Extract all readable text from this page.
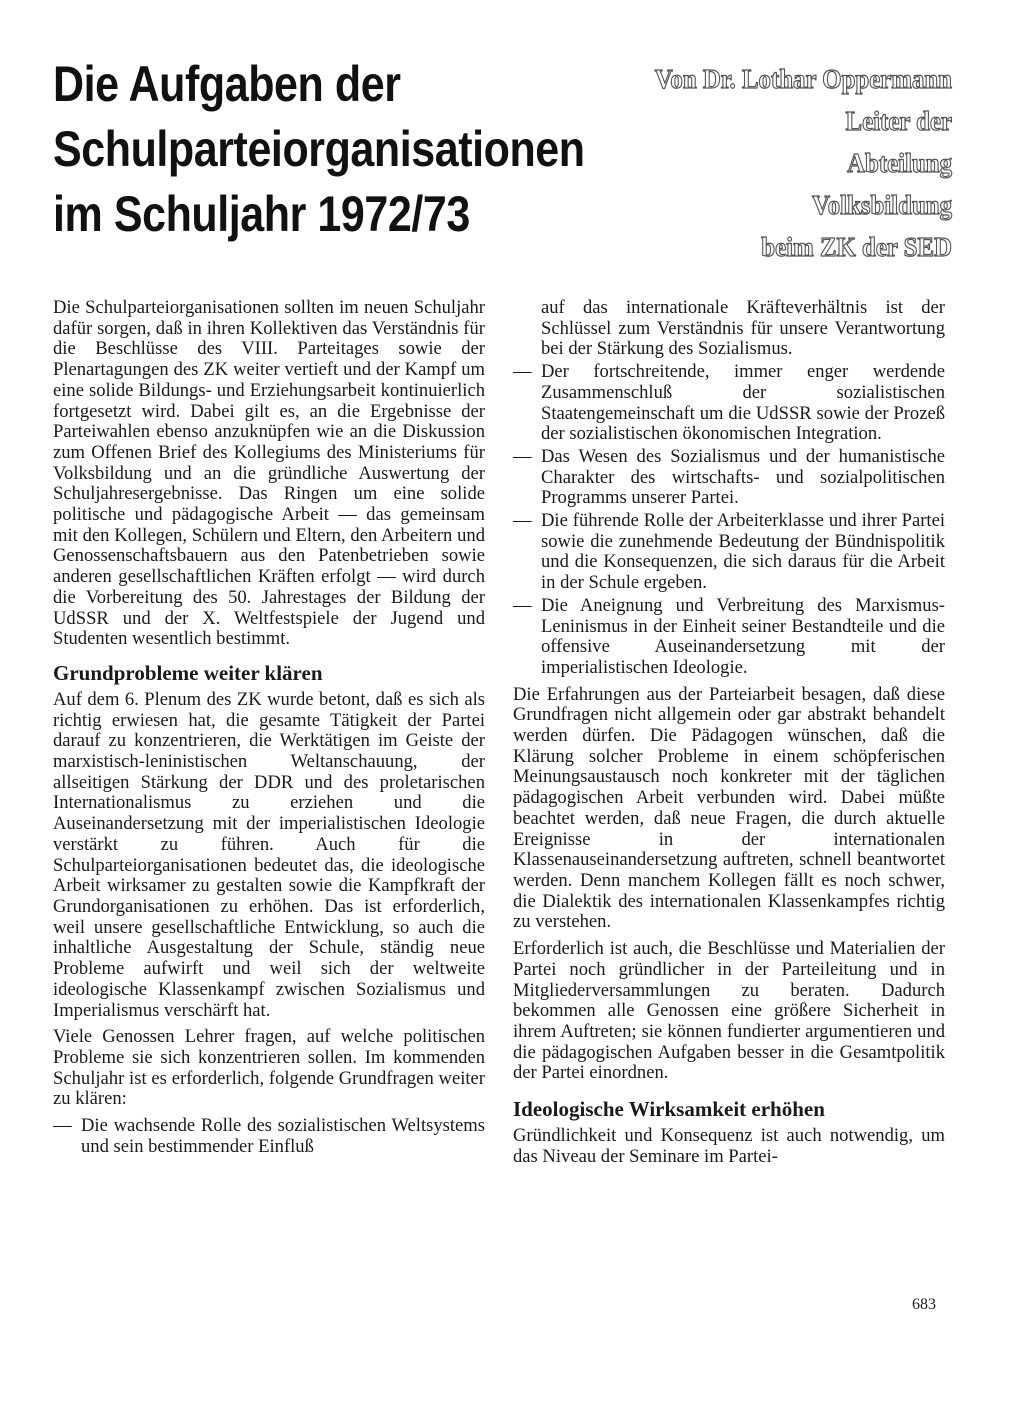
Die Aufgaben der
Schulparteiorganisationen
im Schuljahr 1972/73
Von Dr. Lothar Oppermann
Leiter der
Abteilung
Volksbildung
beim ZK der SED

Die Schulparteiorganisationen sollten im neuen Schuljahr dafür sorgen, daß in ihren Kollektiven das Verständnis für die Beschlüsse des VIII. Parteitages sowie der Plenartagungen des ZK weiter vertieft und der Kampf um eine solide Bildungs- und Erziehungsarbeit kontinuierlich fortgesetzt wird. Dabei gilt es, an die Ergebnisse der Parteiwahlen ebenso anzuknüpfen wie an die Diskussion zum Offenen Brief des Kollegiums des Ministeriums für Volksbildung und an die gründliche Auswertung der Schuljahresergebnisse. Das Ringen um eine solide politische und pädagogische Arbeit — das gemeinsam mit den Kollegen, Schülern und Eltern, den Arbeitern und Genossenschaftsbauern aus den Patenbetrieben sowie anderen gesellschaftlichen Kräften erfolgt — wird durch die Vorbereitung des 50. Jahrestages der Bildung der UdSSR und der X. Weltfestspiele der Jugend und Studenten wesentlich bestimmt.

Grundprobleme weiter klären

Auf dem 6. Plenum des ZK wurde betont, daß es sich als richtig erwiesen hat, die gesamte Tätigkeit der Partei darauf zu konzentrieren, die Werktätigen im Geiste der marxistisch-leninistischen Weltanschauung, der allseitigen Stärkung der DDR und des proletarischen Internationalismus zu erziehen und die Auseinandersetzung mit der imperialistischen Ideologie verstärkt zu führen. Auch für die Schulparteiorganisationen bedeutet das, die ideologische Arbeit wirksamer zu gestalten sowie die Kampfkraft der Grundorganisationen zu erhöhen. Das ist erforderlich, weil unsere gesellschaftliche Entwicklung, so auch die inhaltliche Ausgestaltung der Schule, ständig neue Probleme aufwirft und weil sich der weltweite ideologische Klassenkampf zwischen Sozialismus und Imperialismus verschärft hat.

Viele Genossen Lehrer fragen, auf welche politischen Probleme sie sich konzentrieren sollen. Im kommenden Schuljahr ist es erforderlich, folgende Grundfragen weiter zu klären:

— Die wachsende Rolle des sozialistischen Weltsystems und sein bestimmender Einfluß
auf das internationale Kräfteverhältnis ist der Schlüssel zum Verständnis für unsere Verantwortung bei der Stärkung des Sozialismus.
— Der fortschreitende, immer enger werdende Zusammenschluß der sozialistischen Staatengemeinschaft um die UdSSR sowie der Prozeß der sozialistischen ökonomischen Integration.
— Das Wesen des Sozialismus und der humanistische Charakter des wirtschafts- und sozialpolitischen Programms unserer Partei.
— Die führende Rolle der Arbeiterklasse und ihrer Partei sowie die zunehmende Bedeutung der Bündnispolitik und die Konsequenzen, die sich daraus für die Arbeit in der Schule ergeben.
— Die Aneignung und Verbreitung des Marxismus-Leninismus in der Einheit seiner Bestandteile und die offensive Auseinandersetzung mit der imperialistischen Ideologie.

Die Erfahrungen aus der Parteiarbeit besagen, daß diese Grundfragen nicht allgemein oder gar abstrakt behandelt werden dürfen. Die Pädagogen wünschen, daß die Klärung solcher Probleme in einem schöpferischen Meinungsaustausch noch konkreter mit der täglichen pädagogischen Arbeit verbunden wird. Dabei müßte beachtet werden, daß neue Fragen, die durch aktuelle Ereignisse in der internationalen Klassenauseinandersetzung auftreten, schnell beantwortet werden. Denn manchem Kollegen fällt es noch schwer, die Dialektik des internationalen Klassenkampfes richtig zu verstehen.

Erforderlich ist auch, die Beschlüsse und Materialien der Partei noch gründlicher in der Parteileitung und in Mitgliederversammlungen zu beraten. Dadurch bekommen alle Genossen eine größere Sicherheit in ihrem Auftreten; sie können fundierter argumentieren und die pädagogischen Aufgaben besser in die Gesamtpolitik der Partei einordnen.

Ideologische Wirksamkeit erhöhen

Gründlichkeit und Konsequenz ist auch notwendig, um das Niveau der Seminare im Partei-

683
